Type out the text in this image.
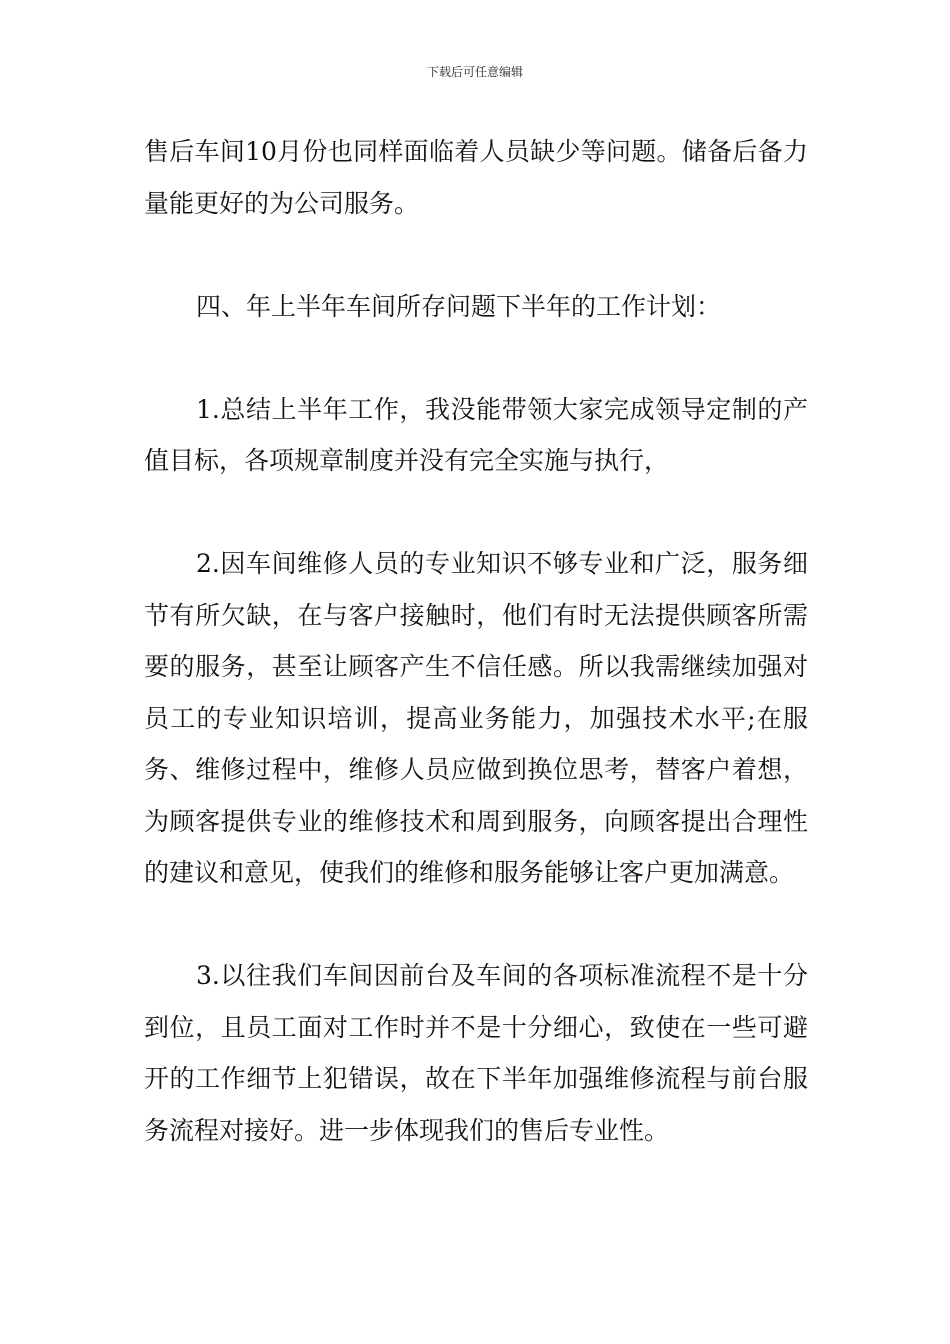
下载后可任意编辑

售后车间10月份也同样面临着人员缺少等问题。储备后备力量能更好的为公司服务。

四、年上半年车间所存问题下半年的工作计划：

1.总结上半年工作，我没能带领大家完成领导定制的产值目标，各项规章制度并没有完全实施与执行，

2.因车间维修人员的专业知识不够专业和广泛，服务细节有所欠缺，在与客户接触时，他们有时无法提供顾客所需要的服务，甚至让顾客产生不信任感。所以我需继续加强对员工的专业知识培训，提高业务能力，加强技术水平;在服务、维修过程中，维修人员应做到换位思考，替客户着想，为顾客提供专业的维修技术和周到服务，向顾客提出合理性的建议和意见，使我们的维修和服务能够让客户更加满意。

3.以往我们车间因前台及车间的各项标准流程不是十分到位，且员工面对工作时并不是十分细心，致使在一些可避开的工作细节上犯错误，故在下半年加强维修流程与前台服务流程对接好。进一步体现我们的售后专业性。
